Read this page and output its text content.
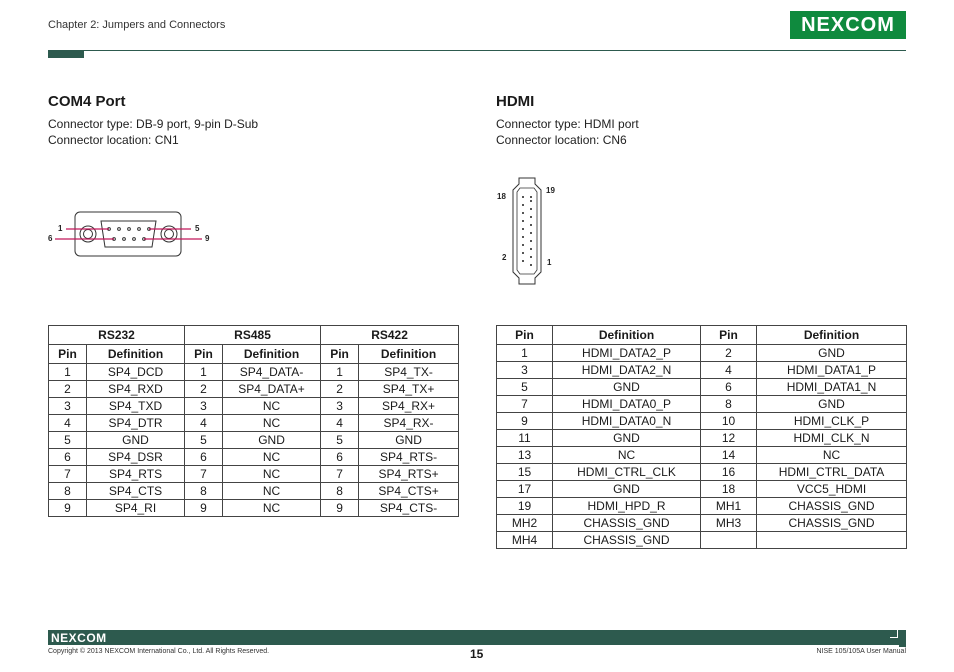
Chapter 2: Jumpers and Connectors	NEXCOM
COM4 Port
Connector type: DB-9 port, 9-pin D-Sub
Connector location: CN1
1	5
6	9
RS232		RS485		RS422	
Pin	Definition	Pin	Definition	Pin	Definition
1	SP4_DCD	1	SP4_DATA-	1	SP4_TX-
2	SP4_RXD	2	SP4_DATA+	2	SP4_TX+
3	SP4_TXD	3	NC	3	SP4_RX+
4	SP4_DTR	4	NC	4	SP4_RX-
5	GND	5	GND	5	GND
6	SP4_DSR	6	NC	6	SP4_RTS-
7	SP4_RTS	7	NC	7	SP4_RTS+
8	SP4_CTS	8	NC	8	SP4_CTS+
9	SP4_RI	9	NC	9	SP4_CTS-
HDMI
Connector type: HDMI port
Connector location: CN6
18
19
2
1
Pin	Definition	Pin	Definition
1	HDMI_DATA2_P	2	GND
3	HDMI_DATA2_N	4	HDMI_DATA1_P
5	GND	6	HDMI_DATA1_N
7	HDMI_DATA0_P	8	GND
9	HDMI_DATA0_N	10	HDMI_CLK_P
11	GND	12	HDMI_CLK_N
13	NC	14	NC
15	HDMI_CTRL_CLK	16	HDMI_CTRL_DATA
17	GND	18	VCC5_HDMI
19	HDMI_HPD_R	MH1	CHASSIS_GND
MH2	CHASSIS_GND	MH3	CHASSIS_GND
MH4	CHASSIS_GND		
NEXCOM
Copyright © 2013 NEXCOM International Co., Ltd. All Rights Reserved.	15	NISE 105/105A User Manual
